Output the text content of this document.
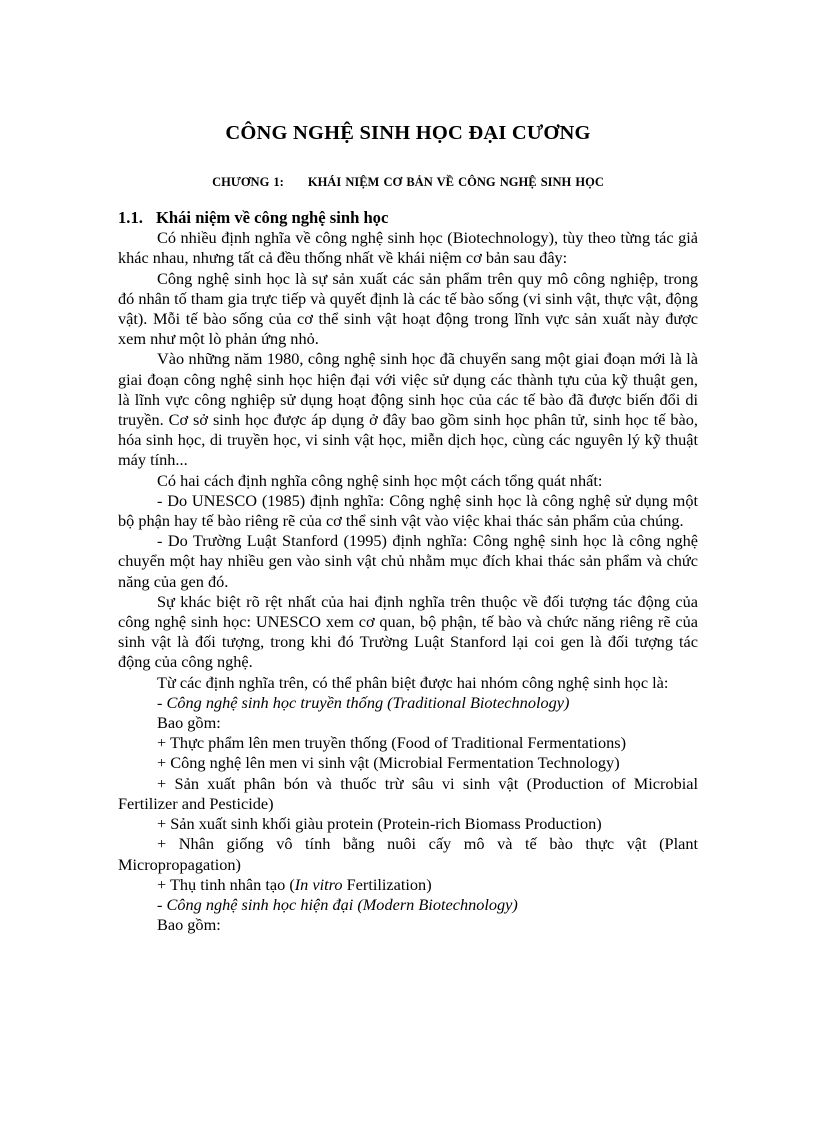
CÔNG NGHỆ SINH HỌC ĐẠI CƯƠNG
CHƯƠNG 1: KHÁI NIỆM CƠ BẢN VỀ CÔNG NGHỆ SINH HỌC

1.1. Khái niệm về công nghệ sinh học

Có nhiều định nghĩa về công nghệ sinh học (Biotechnology), tùy theo từng tác giả khác nhau, nhưng tất cả đều thống nhất về khái niệm cơ bản sau đây:

Công nghệ sinh học là sự sản xuất các sản phẩm trên quy mô công nghiệp, trong đó nhân tố tham gia trực tiếp và quyết định là các tế bào sống (vi sinh vật, thực vật, động vật). Mỗi tế bào sống của cơ thể sinh vật hoạt động trong lĩnh vực sản xuất này được xem như một lò phản ứng nhỏ.

Vào những năm 1980, công nghệ sinh học đã chuyển sang một giai đoạn mới là là giai đoạn công nghệ sinh học hiện đại với việc sử dụng các thành tựu của kỹ thuật gen, là lĩnh vực công nghiệp sử dụng hoạt động sinh học của các tế bào đã được biến đổi di truyền. Cơ sở sinh học được áp dụng ở đây bao gồm sinh học phân tử, sinh học tế bào, hóa sinh học, di truyền học, vi sinh vật học, miễn dịch học, cùng các nguyên lý kỹ thuật máy tính...

Có hai cách định nghĩa công nghệ sinh học một cách tổng quát nhất:

- Do UNESCO (1985) định nghĩa: Công nghệ sinh học là công nghệ sử dụng một bộ phận hay tế bào riêng rẽ của cơ thể sinh vật vào việc khai thác sản phẩm của chúng.

- Do Trường Luật Stanford (1995) định nghĩa: Công nghệ sinh học là công nghệ chuyển một hay nhiều gen vào sinh vật chủ nhằm mục đích khai thác sản phẩm và chức năng của gen đó.

Sự khác biệt rõ rệt nhất của hai định nghĩa trên thuộc về đối tượng tác động của công nghệ sinh học: UNESCO xem cơ quan, bộ phận, tế bào và chức năng riêng rẽ của sinh vật là đối tượng, trong khi đó Trường Luật Stanford lại coi gen là đối tượng tác động của công nghệ.

Từ các định nghĩa trên, có thể phân biệt được hai nhóm công nghệ sinh học là:

- Công nghệ sinh học truyền thống (Traditional Biotechnology)

Bao gồm:

+ Thực phẩm lên men truyền thống (Food of Traditional Fermentations)

+ Công nghệ lên men vi sinh vật (Microbial Fermentation Technology)

+ Sản xuất phân bón và thuốc trừ sâu vi sinh vật (Production of Microbial Fertilizer and Pesticide)

+ Sản xuất sinh khối giàu protein (Protein-rich Biomass Production)

+ Nhân giống vô tính bằng nuôi cấy mô và tế bào thực vật (Plant Micropropagation)

+ Thụ tinh nhân tạo (In vitro Fertilization)

- Công nghệ sinh học hiện đại (Modern Biotechnology)

Bao gồm:
